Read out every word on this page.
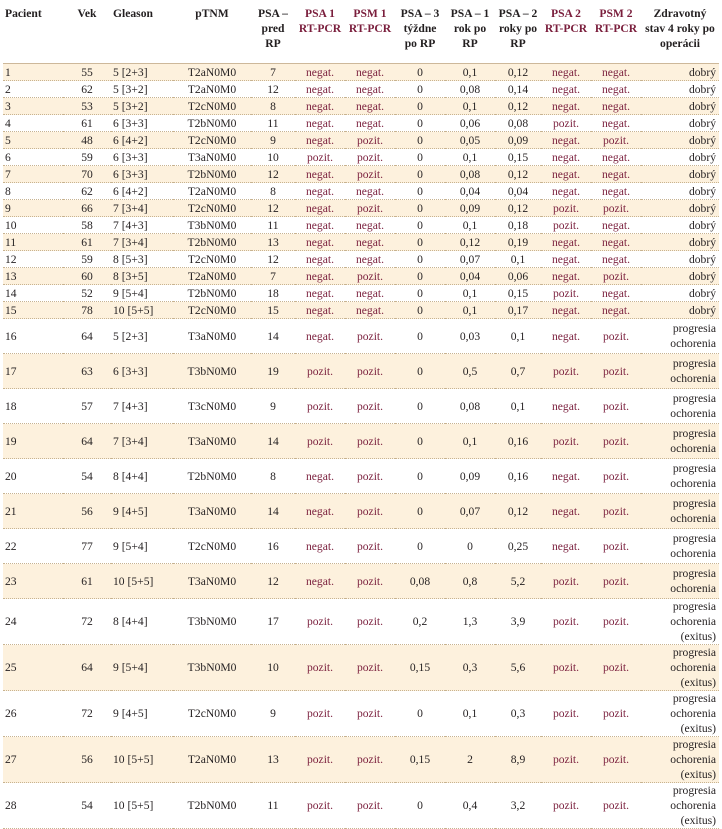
Pacient	Vek	Gleason	pTNM	PSA – pred RP	PSA 1 RT-PCR	PSM 1 RT-PCR	PSA – 3 týždne po RP	PSA – 1 rok po RP	PSA – 2 roky po RP	PSA 2 RT-PCR	PSM 2 RT-PCR	Zdravotný stav 4 roky po operácii
1	55	5 [2+3]	T2aN0M0	7	negat.	negat.	0	0,1	0,12	negat.	negat.	dobrý
2	62	5 [3+2]	T2aN0M0	12	negat.	negat.	0	0,08	0,14	negat.	negat.	dobrý
3	53	5 [3+2]	T2cN0M0	8	negat.	negat.	0	0,1	0,12	negat.	negat.	dobrý
4	61	6 [3+3]	T2bN0M0	11	negat.	negat.	0	0,06	0,08	pozit.	negat.	dobrý
5	48	6 [4+2]	T2cN0M0	9	negat.	pozit.	0	0,05	0,09	negat.	pozit.	dobrý
6	59	6 [3+3]	T3aN0M0	10	pozit.	pozit.	0	0,1	0,15	negat.	negat.	dobrý
7	70	6 [3+3]	T2bN0M0	12	negat.	pozit.	0	0,08	0,12	negat.	negat.	dobrý
8	62	6 [4+2]	T2aN0M0	8	negat.	negat.	0	0,04	0,04	negat.	negat.	dobrý
9	66	7 [3+4]	T2cN0M0	12	negat.	pozit.	0	0,09	0,12	pozit.	pozit.	dobrý
10	58	7 [4+3]	T3bN0M0	11	negat.	negat.	0	0,1	0,18	pozit.	negat.	dobrý
11	61	7 [3+4]	T2bN0M0	13	negat.	negat.	0	0,12	0,19	negat.	negat.	dobrý
12	59	8 [5+3]	T2cN0M0	12	negat.	negat.	0	0,07	0,1	negat.	negat.	dobrý
13	60	8 [3+5]	T2aN0M0	7	negat.	pozit.	0	0,04	0,06	negat.	pozit.	dobrý
14	52	9 [5+4]	T2bN0M0	18	negat.	negat.	0	0,1	0,15	pozit.	negat.	dobrý
15	78	10 [5+5]	T2cN0M0	15	negat.	negat.	0	0,1	0,17	negat.	negat.	dobrý
16	64	5 [2+3]	T3aN0M0	14	negat.	pozit.	0	0,03	0,1	negat.	pozit.	progresia ochorenia
17	63	6 [3+3]	T3bN0M0	19	pozit.	pozit.	0	0,5	0,7	pozit.	pozit.	progresia ochorenia
18	57	7 [4+3]	T3cN0M0	9	pozit.	pozit.	0	0,08	0,1	negat.	pozit.	progresia ochorenia
19	64	7 [3+4]	T3aN0M0	14	pozit.	pozit.	0	0,1	0,16	pozit.	pozit.	progresia ochorenia
20	54	8 [4+4]	T2bN0M0	8	negat.	pozit.	0	0,09	0,16	negat.	pozit.	progresia ochorenia
21	56	9 [4+5]	T3aN0M0	14	negat.	pozit.	0	0,07	0,12	negat.	pozit.	progresia ochorenia
22	77	9 [5+4]	T2cN0M0	16	negat.	pozit.	0	0	0,25	negat.	pozit.	progresia ochorenia
23	61	10 [5+5]	T3aN0M0	12	negat.	pozit.	0,08	0,8	5,2	pozit.	pozit.	progresia ochorenia
24	72	8 [4+4]	T3bN0M0	17	pozit.	pozit.	0,2	1,3	3,9	pozit.	pozit.	progresia ochorenia (exitus)
25	64	9 [5+4]	T3bN0M0	10	pozit.	pozit.	0,15	0,3	5,6	pozit.	pozit.	progresia ochorenia (exitus)
26	72	9 [4+5]	T2cN0M0	9	pozit.	pozit.	0	0,1	0,3	pozit.	pozit.	progresia ochorenia (exitus)
27	56	10 [5+5]	T2aN0M0	13	pozit.	pozit.	0,15	2	8,9	pozit.	pozit.	progresia ochorenia (exitus)
28	54	10 [5+5]	T2bN0M0	11	pozit.	pozit.	0	0,4	3,2	pozit.	pozit.	progresia ochorenia (exitus)
